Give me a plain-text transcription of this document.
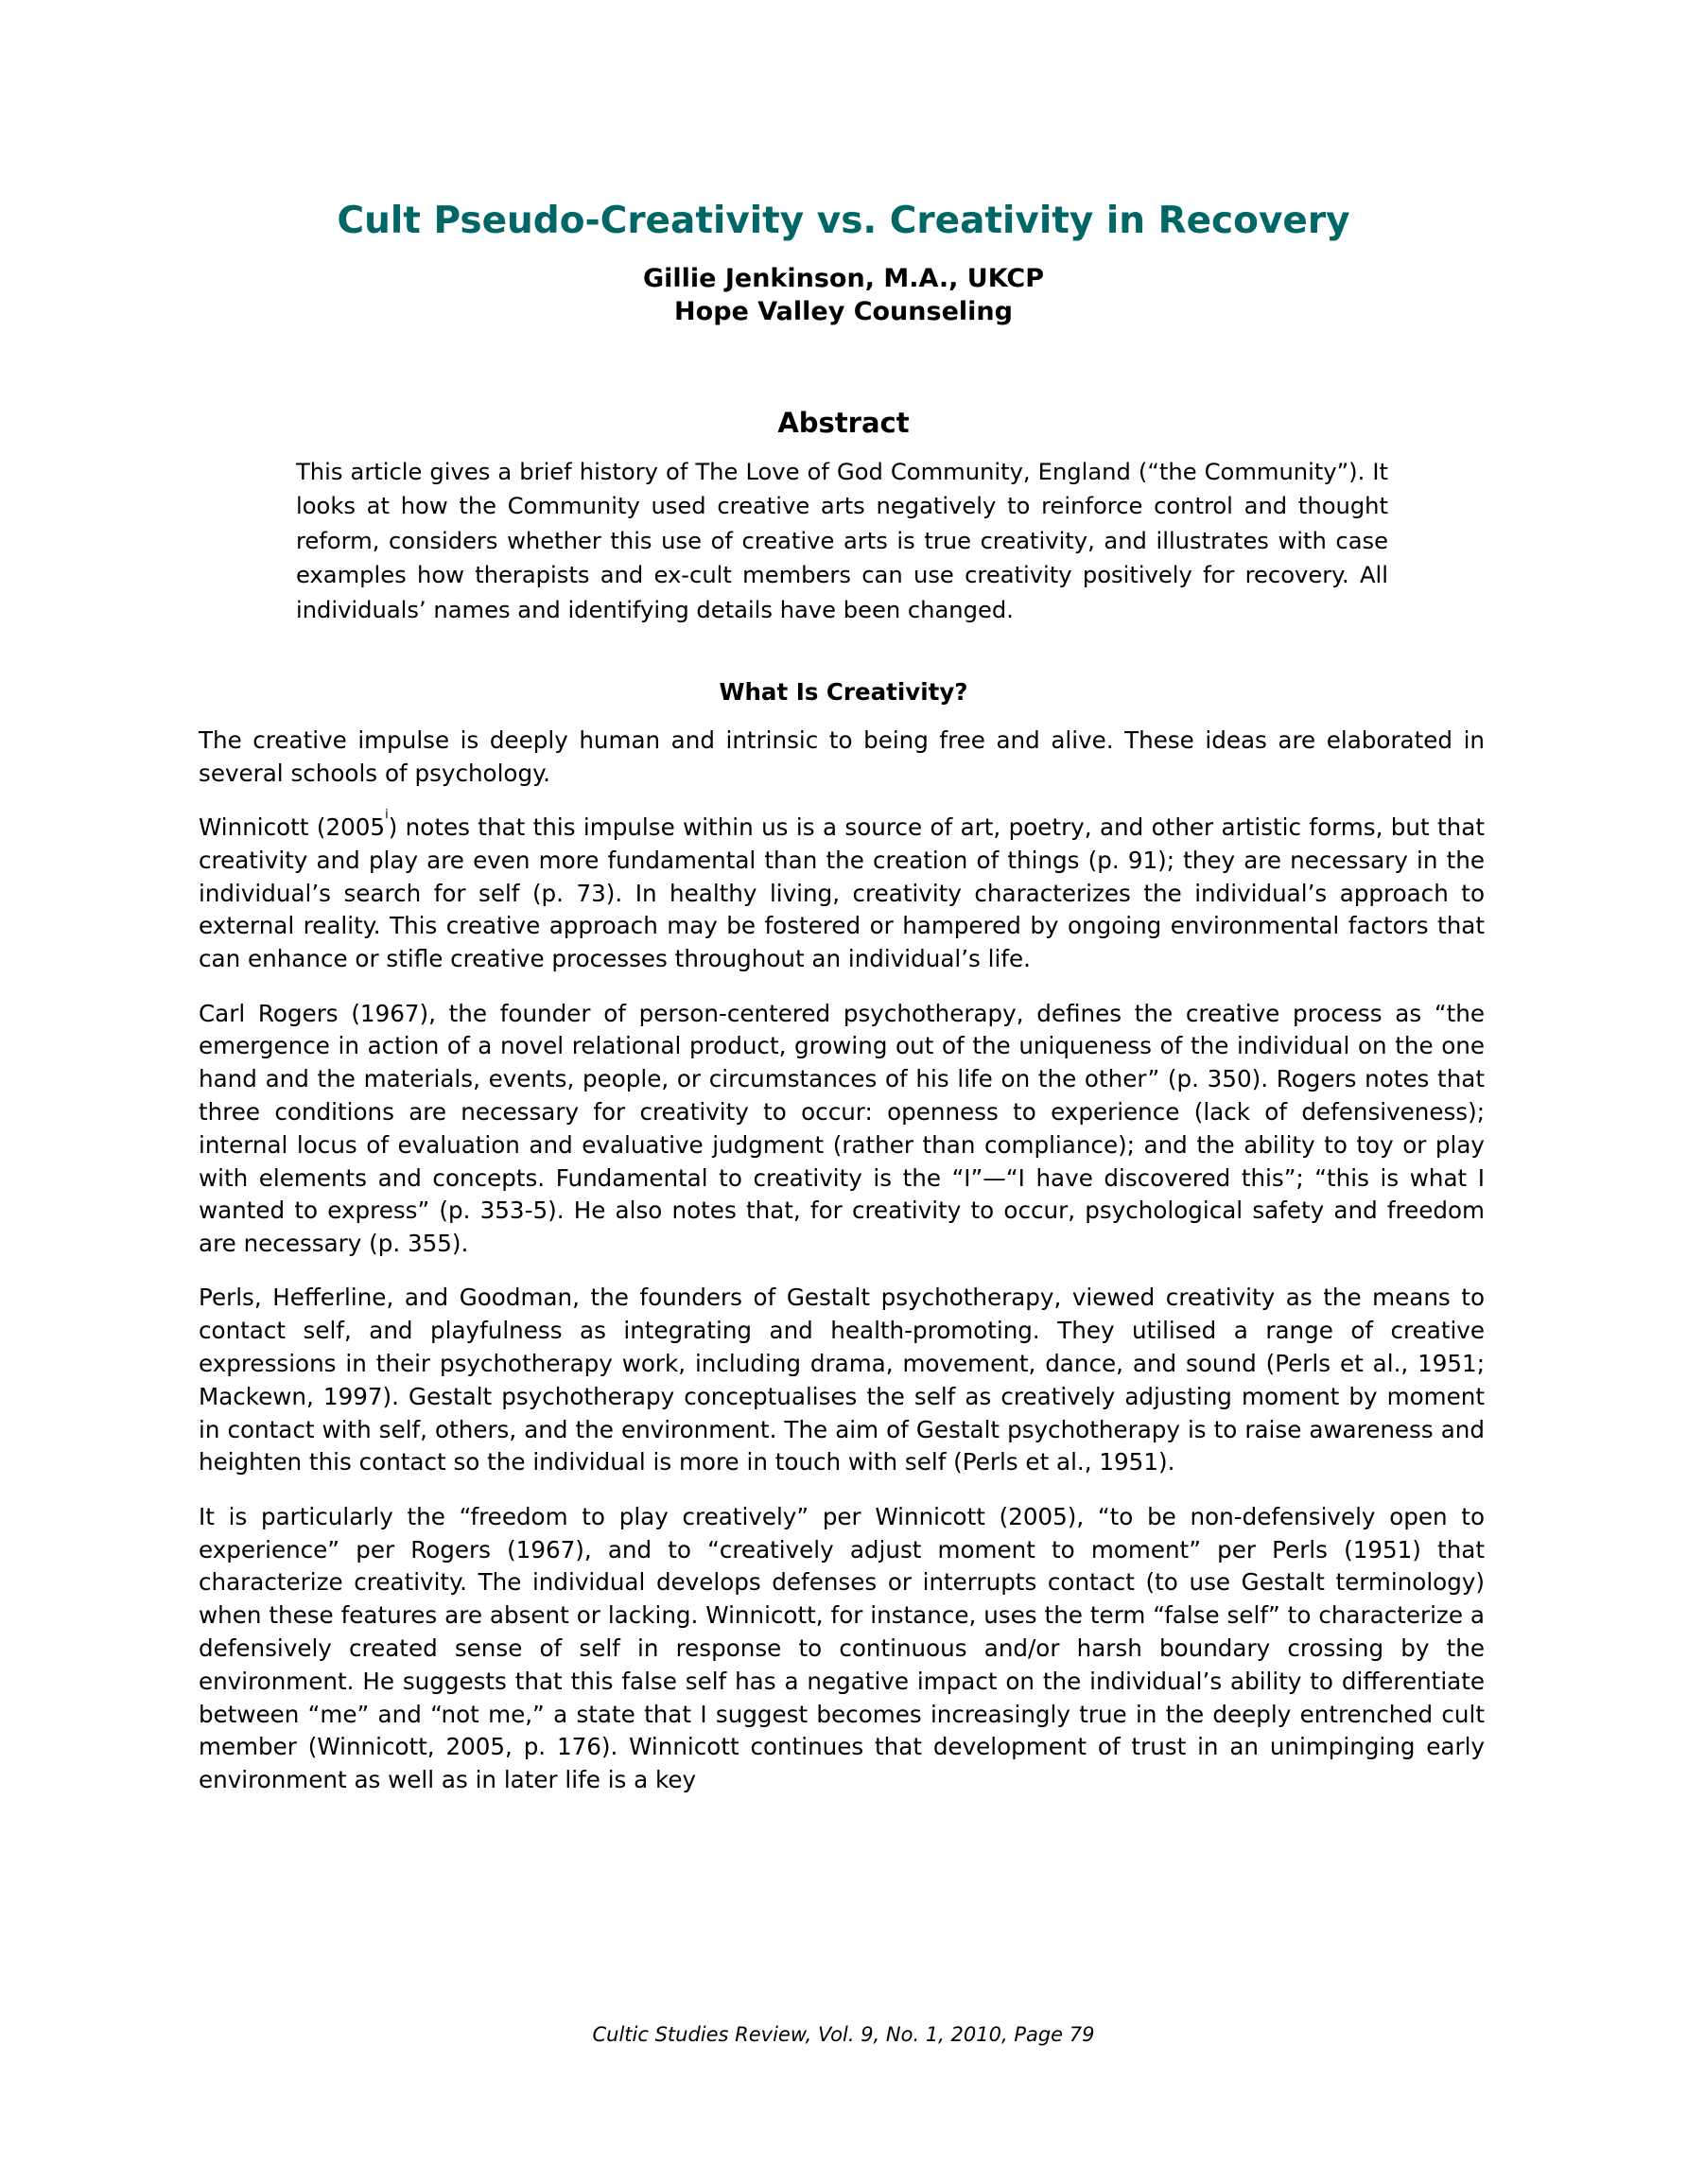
Cult Pseudo-Creativity vs. Creativity in Recovery
Gillie Jenkinson, M.A., UKCP
Hope Valley Counseling
Abstract

This article gives a brief history of The Love of God Community, England (“the Community”). It looks at how the Community used creative arts negatively to reinforce control and thought reform, considers whether this use of creative arts is true creativity, and illustrates with case examples how therapists and ex-cult members can use creativity positively for recovery. All individuals’ names and identifying details have been changed.

What Is Creativity?

The creative impulse is deeply human and intrinsic to being free and alive. These ideas are elaborated in several schools of psychology.

Winnicott (2005$^i$) notes that this impulse within us is a source of art, poetry, and other artistic forms, but that creativity and play are even more fundamental than the creation of things (p. 91); they are necessary in the individual’s search for self (p. 73). In healthy living, creativity characterizes the individual’s approach to external reality. This creative approach may be fostered or hampered by ongoing environmental factors that can enhance or stifle creative processes throughout an individual’s life.

Carl Rogers (1967), the founder of person-centered psychotherapy, defines the creative process as “the emergence in action of a novel relational product, growing out of the uniqueness of the individual on the one hand and the materials, events, people, or circumstances of his life on the other” (p. 350). Rogers notes that three conditions are necessary for creativity to occur: openness to experience (lack of defensiveness); internal locus of evaluation and evaluative judgment (rather than compliance); and the ability to toy or play with elements and concepts. Fundamental to creativity is the “I”—“I have discovered this”; “this is what I wanted to express” (p. 353-5). He also notes that, for creativity to occur, psychological safety and freedom are necessary (p. 355).

Perls, Hefferline, and Goodman, the founders of Gestalt psychotherapy, viewed creativity as the means to contact self, and playfulness as integrating and health-promoting. They utilised a range of creative expressions in their psychotherapy work, including drama, movement, dance, and sound (Perls et al., 1951; Mackewn, 1997). Gestalt psychotherapy conceptualises the self as creatively adjusting moment by moment in contact with self, others, and the environment. The aim of Gestalt psychotherapy is to raise awareness and heighten this contact so the individual is more in touch with self (Perls et al., 1951).

It is particularly the “freedom to play creatively” per Winnicott (2005), “to be non-defensively open to experience” per Rogers (1967), and to “creatively adjust moment to moment” per Perls (1951) that characterize creativity. The individual develops defenses or interrupts contact (to use Gestalt terminology) when these features are absent or lacking. Winnicott, for instance, uses the term “false self” to characterize a defensively created sense of self in response to continuous and/or harsh boundary crossing by the environment. He suggests that this false self has a negative impact on the individual’s ability to differentiate between “me” and “not me,” a state that I suggest becomes increasingly true in the deeply entrenched cult member (Winnicott, 2005, p. 176). Winnicott continues that development of trust in an unimpinging early environment as well as in later life is a key

Cultic Studies Review, Vol. 9, No. 1, 2010, Page 79
